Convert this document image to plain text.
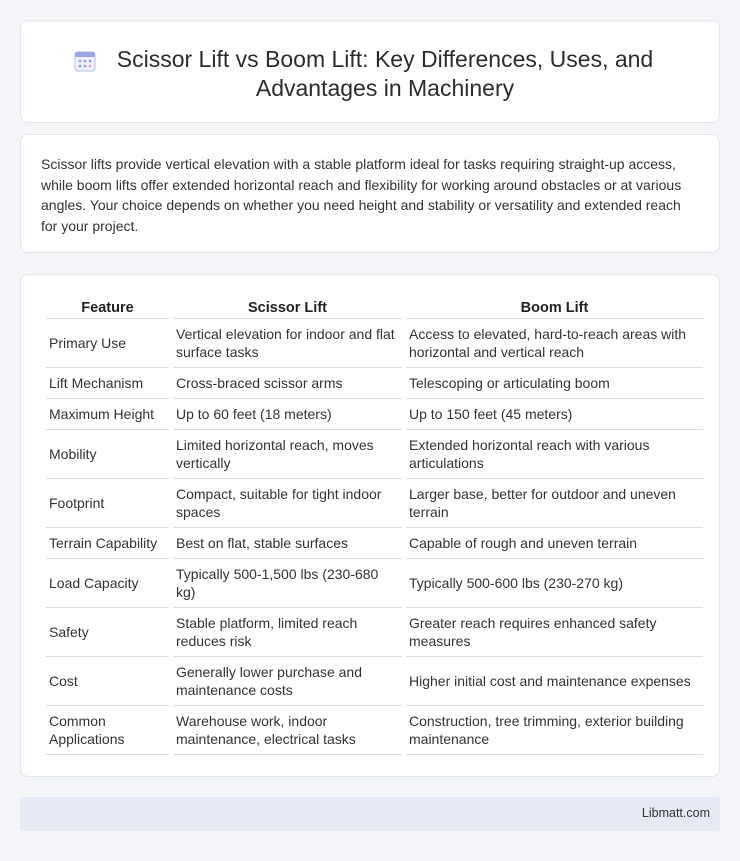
Scissor Lift vs Boom Lift: Key Differences, Uses, and Advantages in Machinery

Scissor lifts provide vertical elevation with a stable platform ideal for tasks requiring straight-up access, while boom lifts offer extended horizontal reach and flexibility for working around obstacles or at various angles. Your choice depends on whether you need height and stability or versatility and extended reach for your project.

Feature	Scissor Lift	Boom Lift
Primary Use	Vertical elevation for indoor and flat surface tasks	Access to elevated, hard-to-reach areas with horizontal and vertical reach
Lift Mechanism	Cross-braced scissor arms	Telescoping or articulating boom
Maximum Height	Up to 60 feet (18 meters)	Up to 150 feet (45 meters)
Mobility	Limited horizontal reach, moves vertically	Extended horizontal reach with various articulations
Footprint	Compact, suitable for tight indoor spaces	Larger base, better for outdoor and uneven terrain
Terrain Capability	Best on flat, stable surfaces	Capable of rough and uneven terrain
Load Capacity	Typically 500-1,500 lbs (230-680 kg)	Typically 500-600 lbs (230-270 kg)
Safety	Stable platform, limited reach reduces risk	Greater reach requires enhanced safety measures
Cost	Generally lower purchase and maintenance costs	Higher initial cost and maintenance expenses
Common Applications	Warehouse work, indoor maintenance, electrical tasks	Construction, tree trimming, exterior building maintenance
Libmatt.com
